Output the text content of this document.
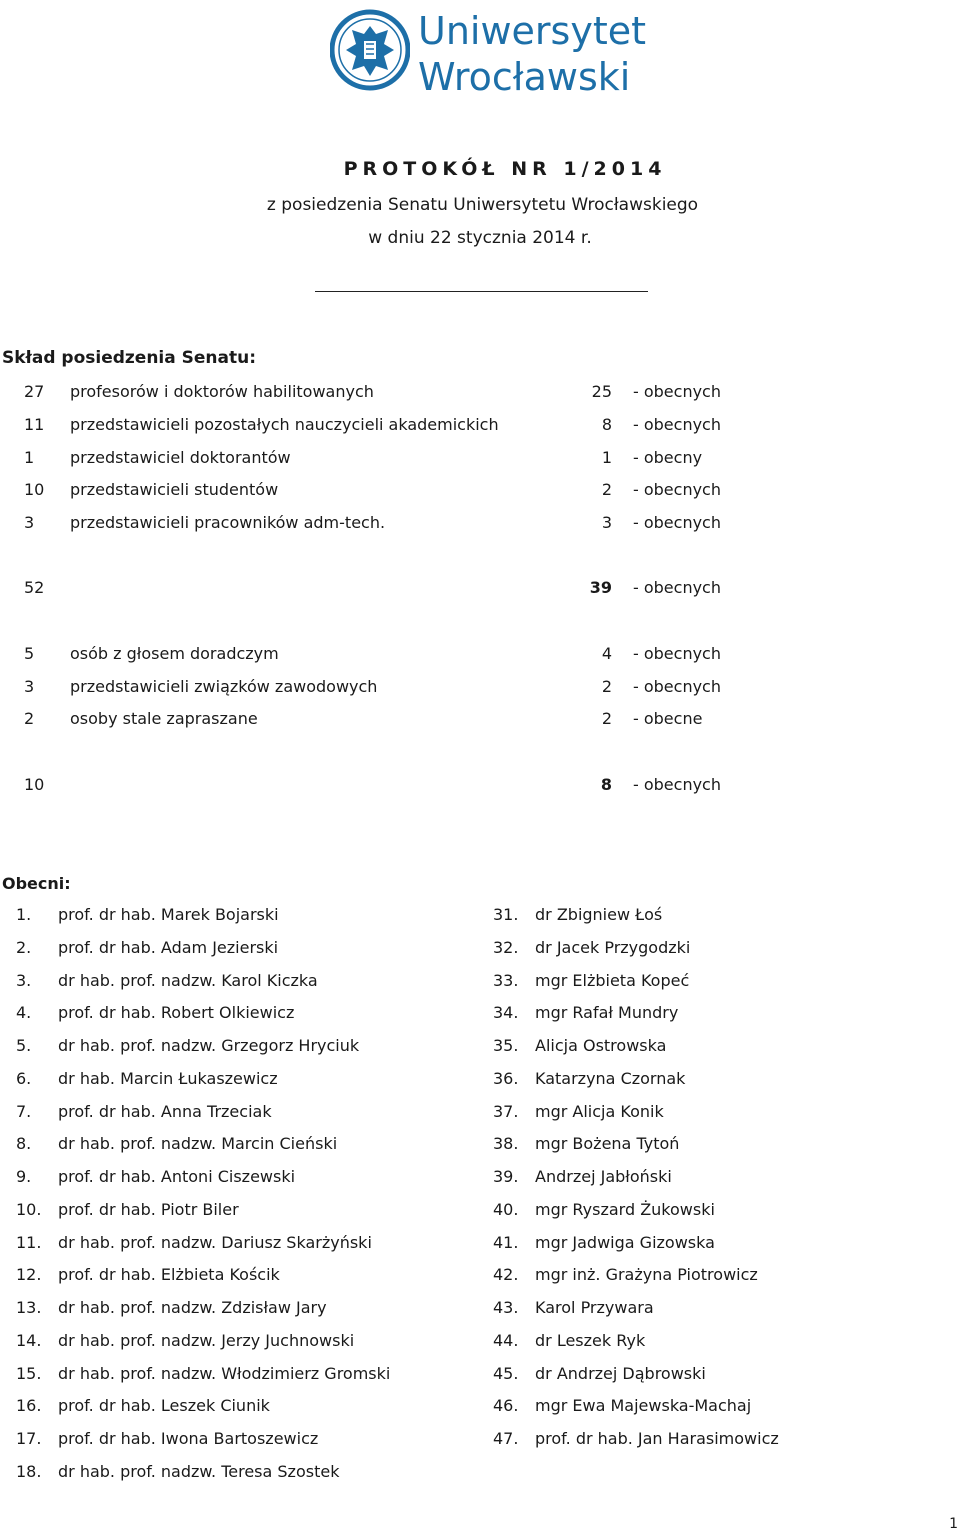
Uniwersytet
Wrocławski
PROTOKÓŁ NR 1/2014
z posiedzenia Senatu Uniwersytetu Wrocławskiego
w dniu 22 stycznia 2014 r.
Skład posiedzenia Senatu:
27 profesorów i doktorów habilitowanych	25 - obecnych
11 przedstawicieli pozostałych nauczycieli akademickich	8 - obecnych
1 przedstawiciel doktorantów	1 - obecny
10 przedstawicieli studentów	2 - obecnych
3 przedstawicieli pracowników adm-tech.	3 - obecnych
52	39 - obecnych
5 osób z głosem doradczym	4 - obecnych
3 przedstawicieli związków zawodowych	2 - obecnych
2 osoby stale zapraszane	2 - obecne
10	8 - obecnych
Obecni:
1. prof. dr hab. Marek Bojarski
2. prof. dr hab. Adam Jezierski
3. dr hab. prof. nadzw. Karol Kiczka
4. prof. dr hab. Robert Olkiewicz
5. dr hab. prof. nadzw. Grzegorz Hryciuk
6. dr hab. Marcin Łukaszewicz
7. prof. dr hab. Anna Trzeciak
8. dr hab. prof. nadzw. Marcin Cieński
9. prof. dr hab. Antoni Ciszewski
10. prof. dr hab. Piotr Biler
11. dr hab. prof. nadzw. Dariusz Skarżyński
12. prof. dr hab. Elżbieta Kościk
13. dr hab. prof. nadzw. Zdzisław Jary
14. dr hab. prof. nadzw. Jerzy Juchnowski
15. dr hab. prof. nadzw. Włodzimierz Gromski
16. prof. dr hab. Leszek Ciunik
17. prof. dr hab. Iwona Bartoszewicz
18. dr hab. prof. nadzw. Teresa Szostek
31. dr Zbigniew Łoś
32. dr Jacek Przygodzki
33. mgr Elżbieta Kopeć
34. mgr Rafał Mundry
35. Alicja Ostrowska
36. Katarzyna Czornak
37. mgr Alicja Konik
38. mgr Bożena Tytoń
39. Andrzej Jabłoński
40. mgr Ryszard Żukowski
41. mgr Jadwiga Gizowska
42. mgr inż. Grażyna Piotrowicz
43. Karol Przywara
44. dr Leszek Ryk
45. dr Andrzej Dąbrowski
46. mgr Ewa Majewska-Machaj
47. prof. dr hab. Jan Harasimowicz
1
